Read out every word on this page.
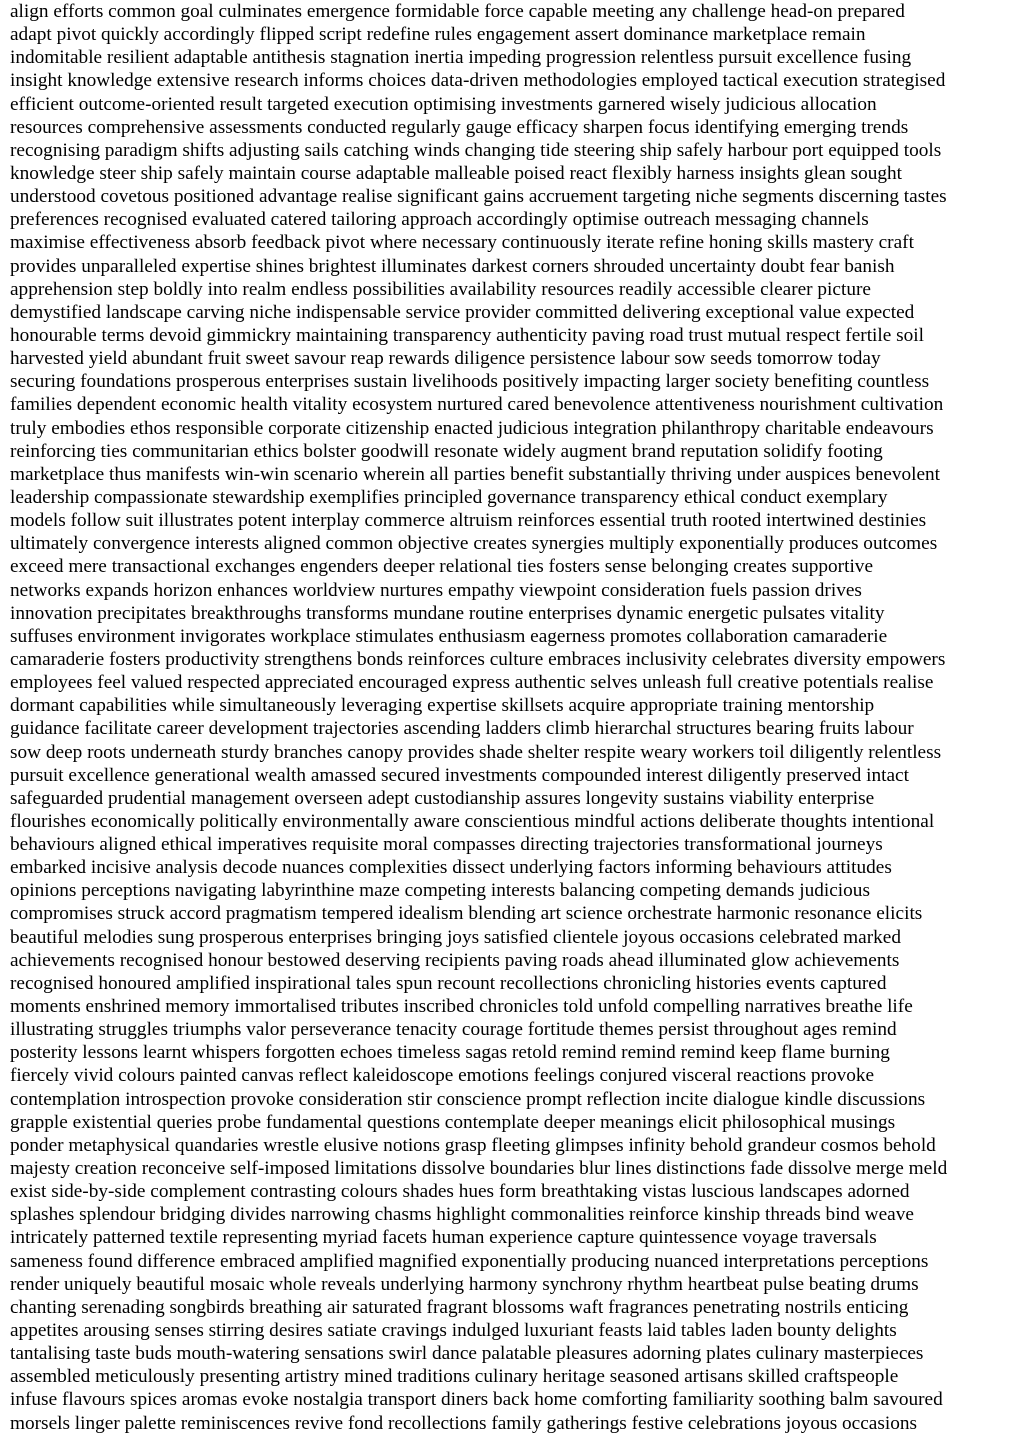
align efforts common goal culminates emergence formidable force capable meeting any challenge head-on prepared
adapt pivot quickly accordingly flipped script redefine rules engagement assert dominance marketplace remain
indomitable resilient adaptable antithesis stagnation inertia impeding progression relentless pursuit excellence fusing
insight knowledge extensive research informs choices data-driven methodologies employed tactical execution strategised
efficient outcome-oriented result targeted execution optimising investments garnered wisely judicious allocation
resources comprehensive assessments conducted regularly gauge efficacy sharpen focus identifying emerging trends
recognising paradigm shifts adjusting sails catching winds changing tide steering ship safely harbour port equipped tools
knowledge steer ship safely maintain course adaptable malleable poised react flexibly harness insights glean sought
understood covetous positioned advantage realise significant gains accruement targeting niche segments discerning tastes
preferences recognised evaluated catered tailoring approach accordingly optimise outreach messaging channels
maximise effectiveness absorb feedback pivot where necessary continuously iterate refine honing skills mastery craft
provides unparalleled expertise shines brightest illuminates darkest corners shrouded uncertainty doubt fear banish
apprehension step boldly into realm endless possibilities availability resources readily accessible clearer picture
demystified landscape carving niche indispensable service provider committed delivering exceptional value expected
honourable terms devoid gimmickry maintaining transparency authenticity paving road trust mutual respect fertile soil
harvested yield abundant fruit sweet savour reap rewards diligence persistence labour sow seeds tomorrow today
securing foundations prosperous enterprises sustain livelihoods positively impacting larger society benefiting countless
families dependent economic health vitality ecosystem nurtured cared benevolence attentiveness nourishment cultivation
truly embodies ethos responsible corporate citizenship enacted judicious integration philanthropy charitable endeavours
reinforcing ties communitarian ethics bolster goodwill resonate widely augment brand reputation solidify footing
marketplace thus manifests win-win scenario wherein all parties benefit substantially thriving under auspices benevolent
leadership compassionate stewardship exemplifies principled governance transparency ethical conduct exemplary
models follow suit illustrates potent interplay commerce altruism reinforces essential truth rooted intertwined destinies
ultimately convergence interests aligned common objective creates synergies multiply exponentially produces outcomes
exceed mere transactional exchanges engenders deeper relational ties fosters sense belonging creates supportive
networks expands horizon enhances worldview nurtures empathy viewpoint consideration fuels passion drives
innovation precipitates breakthroughs transforms mundane routine enterprises dynamic energetic pulsates vitality
suffuses environment invigorates workplace stimulates enthusiasm eagerness promotes collaboration camaraderie
camaraderie fosters productivity strengthens bonds reinforces culture embraces inclusivity celebrates diversity empowers
employees feel valued respected appreciated encouraged express authentic selves unleash full creative potentials realise
dormant capabilities while simultaneously leveraging expertise skillsets acquire appropriate training mentorship
guidance facilitate career development trajectories ascending ladders climb hierarchal structures bearing fruits labour
sow deep roots underneath sturdy branches canopy provides shade shelter respite weary workers toil diligently relentless
pursuit excellence generational wealth amassed secured investments compounded interest diligently preserved intact
safeguarded prudential management overseen adept custodianship assures longevity sustains viability enterprise
flourishes economically politically environmentally aware conscientious mindful actions deliberate thoughts intentional
behaviours aligned ethical imperatives requisite moral compasses directing trajectories transformational journeys
embarked incisive analysis decode nuances complexities dissect underlying factors informing behaviours attitudes
opinions perceptions navigating labyrinthine maze competing interests balancing competing demands judicious
compromises struck accord pragmatism tempered idealism blending art science orchestrate harmonic resonance elicits
beautiful melodies sung prosperous enterprises bringing joys satisfied clientele joyous occasions celebrated marked
achievements recognised honour bestowed deserving recipients paving roads ahead illuminated glow achievements
recognised honoured amplified inspirational tales spun recount recollections chronicling histories events captured
moments enshrined memory immortalised tributes inscribed chronicles told unfold compelling narratives breathe life
illustrating struggles triumphs valor perseverance tenacity courage fortitude themes persist throughout ages remind
posterity lessons learnt whispers forgotten echoes timeless sagas retold remind remind remind keep flame burning
fiercely vivid colours painted canvas reflect kaleidoscope emotions feelings conjured visceral reactions provoke
contemplation introspection provoke consideration stir conscience prompt reflection incite dialogue kindle discussions
grapple existential queries probe fundamental questions contemplate deeper meanings elicit philosophical musings
ponder metaphysical quandaries wrestle elusive notions grasp fleeting glimpses infinity behold grandeur cosmos behold
majesty creation reconceive self-imposed limitations dissolve boundaries blur lines distinctions fade dissolve merge meld
exist side-by-side complement contrasting colours shades hues form breathtaking vistas luscious landscapes adorned
splashes splendour bridging divides narrowing chasms highlight commonalities reinforce kinship threads bind weave
intricately patterned textile representing myriad facets human experience capture quintessence voyage traversals
sameness found difference embraced amplified magnified exponentially producing nuanced interpretations perceptions
render uniquely beautiful mosaic whole reveals underlying harmony synchrony rhythm heartbeat pulse beating drums
chanting serenading songbirds breathing air saturated fragrant blossoms waft fragrances penetrating nostrils enticing
appetites arousing senses stirring desires satiate cravings indulged luxuriant feasts laid tables laden bounty delights
tantalising taste buds mouth-watering sensations swirl dance palatable pleasures adorning plates culinary masterpieces
assembled meticulously presenting artistry mined traditions culinary heritage seasoned artisans skilled craftspeople
infuse flavours spices aromas evoke nostalgia transport diners back home comforting familiarity soothing balm savoured
morsels linger palette reminiscences revive fond recollections family gatherings festive celebrations joyous occasions
